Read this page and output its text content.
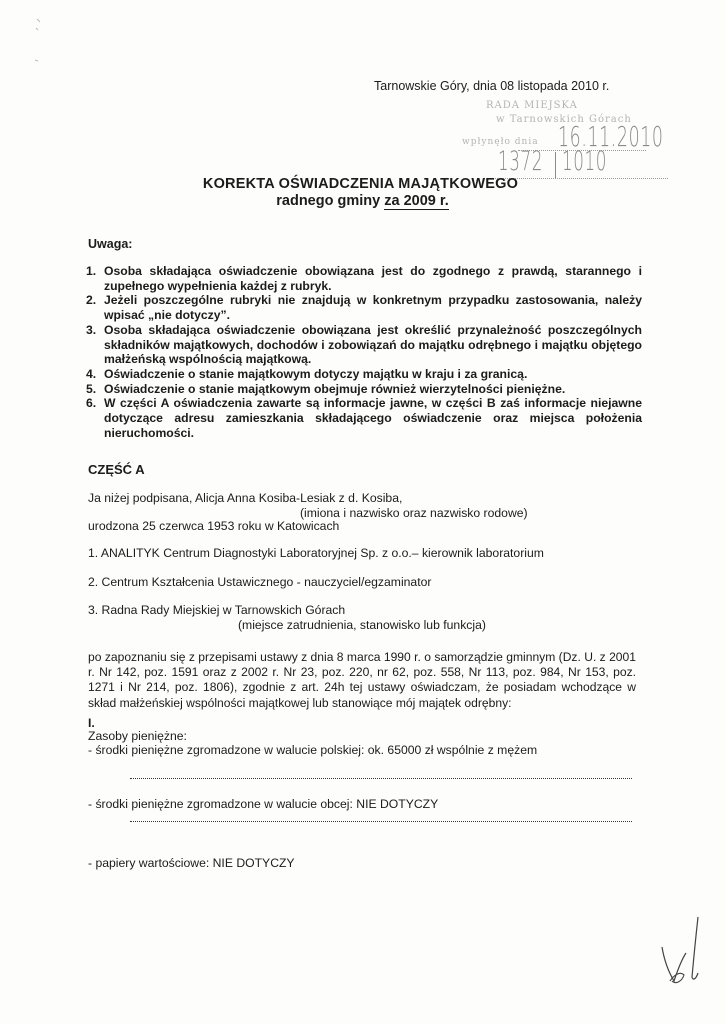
Tarnowskie Góry, dnia 08 listopada 2010 r.
RADA MIEJSKA
w Tarnowskich Górach
wpłynęło dnia 16.11.2010
1372 1010
KOREKTA OŚWIADCZENIA MAJĄTKOWEGO
radnego gminy za 2009 r.
Uwaga:
1. Osoba składająca oświadczenie obowiązana jest do zgodnego z prawdą, starannego i zupełnego wypełnienia każdej z rubryk.
2. Jeżeli poszczególne rubryki nie znajdują w konkretnym przypadku zastosowania, należy wpisać „nie dotyczy”.
3. Osoba składająca oświadczenie obowiązana jest określić przynależność poszczególnych składników majątkowych, dochodów i zobowiązań do majątku odrębnego i majątku objętego małżeńską wspólnością majątkową.
4. Oświadczenie o stanie majątkowym dotyczy majątku w kraju i za granicą.
5. Oświadczenie o stanie majątkowym obejmuje również wierzytelności pieniężne.
6. W części A oświadczenia zawarte są informacje jawne, w części B zaś informacje niejawne dotyczące adresu zamieszkania składającego oświadczenie oraz miejsca położenia nieruchomości.
CZĘŚĆ A
Ja niżej podpisana, Alicja Anna Kosiba-Lesiak z d. Kosiba,
(imiona i nazwisko oraz nazwisko rodowe)
urodzona 25 czerwca 1953 roku w Katowicach
1. ANALITYK Centrum Diagnostyki Laboratoryjnej Sp. z o.o.– kierownik laboratorium
2. Centrum Kształcenia Ustawicznego - nauczyciel/egzaminator
3. Radna Rady Miejskiej w Tarnowskich Górach
(miejsce zatrudnienia, stanowisko lub funkcja)
po zapoznaniu się z przepisami ustawy z dnia 8 marca 1990 r. o samorządzie gminnym (Dz. U. z 2001 r. Nr 142, poz. 1591 oraz z 2002 r. Nr 23, poz. 220, nr 62, poz. 558, Nr 113, poz. 984, Nr 153, poz. 1271 i Nr 214, poz. 1806), zgodnie z art. 24h tej ustawy oświadczam, że posiadam wchodzące w skład małżeńskiej wspólności majątkowej lub stanowiące mój majątek odrębny:
I.
Zasoby pieniężne:
- środki pieniężne zgromadzone w walucie polskiej: ok. 65000 zł wspólnie z mężem
- środki pieniężne zgromadzone w walucie obcej: NIE DOTYCZY
- papiery wartościowe: NIE DOTYCZY
